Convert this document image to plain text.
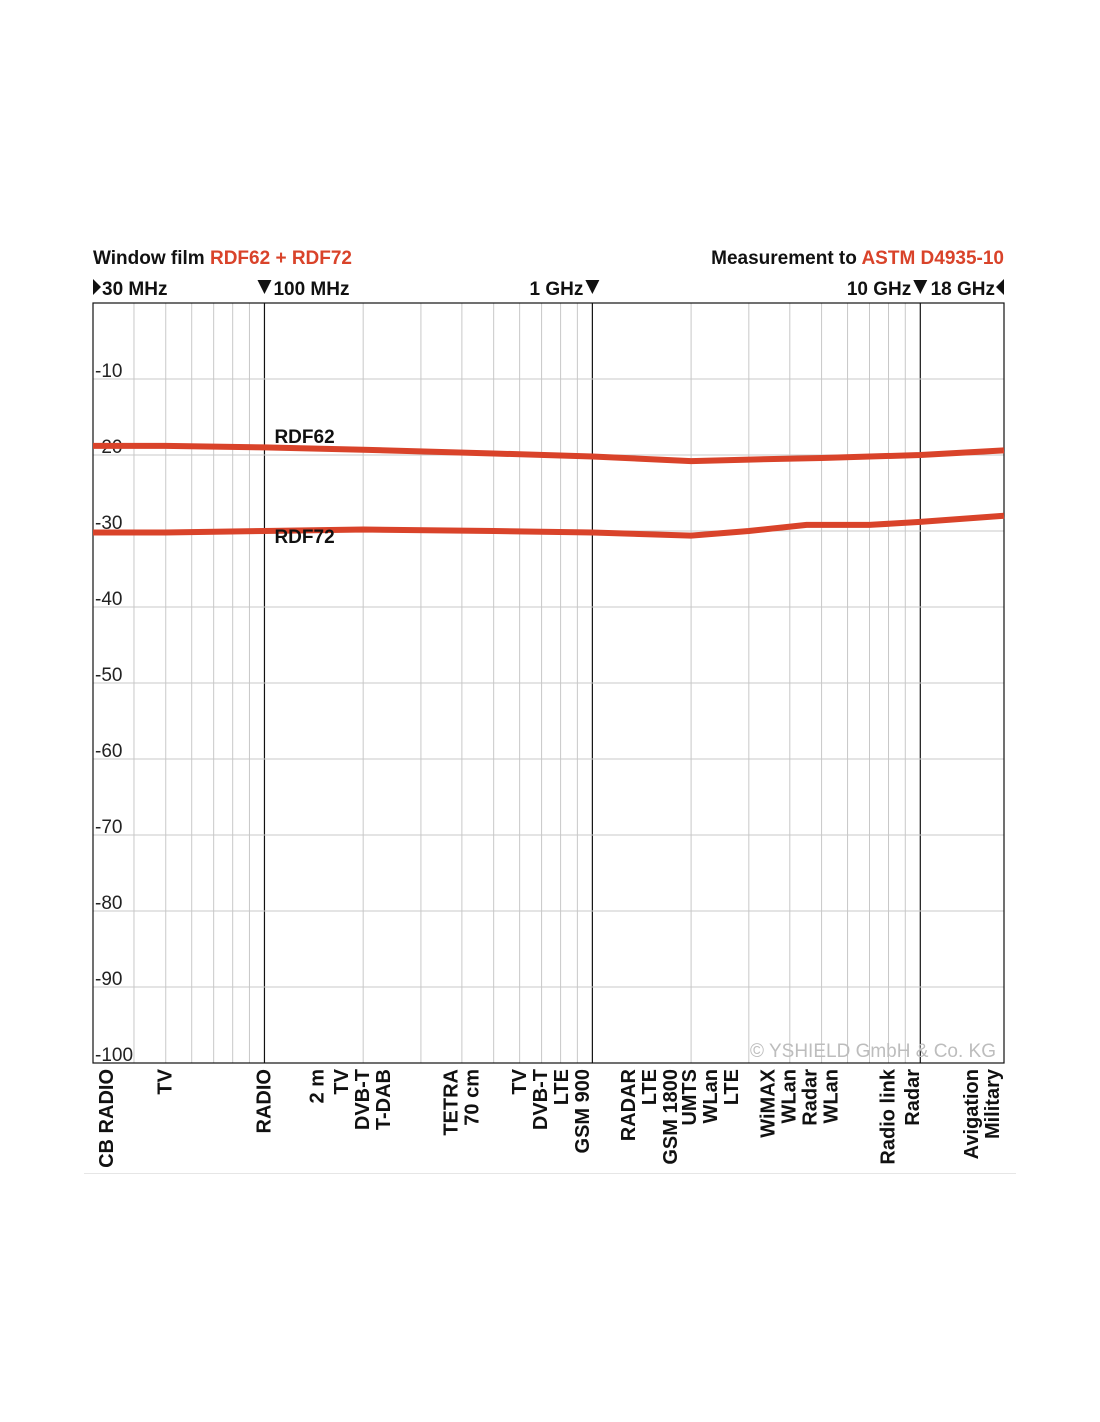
Window film RDF62 + RDF72	Measurement to ASTM D4935-10
-10
-20
-30
-40
-50
-60
-70
-80
-90
-100
30 MHz	100 MHz	1 GHz	10 GHz 18 GHz
RDF62
RDF72
© YSHIELD GmbH & Co. KG
CB RADIO TV	RADIO 2 m TV DVB-T T-DAB TETRA 70 cm TV DVB-T LTE GSM 900 RADAR LTE GSM 1800
UMTS WLan LTE WiMAX WLan Radar WLan Radio link Radar Avigation Military
